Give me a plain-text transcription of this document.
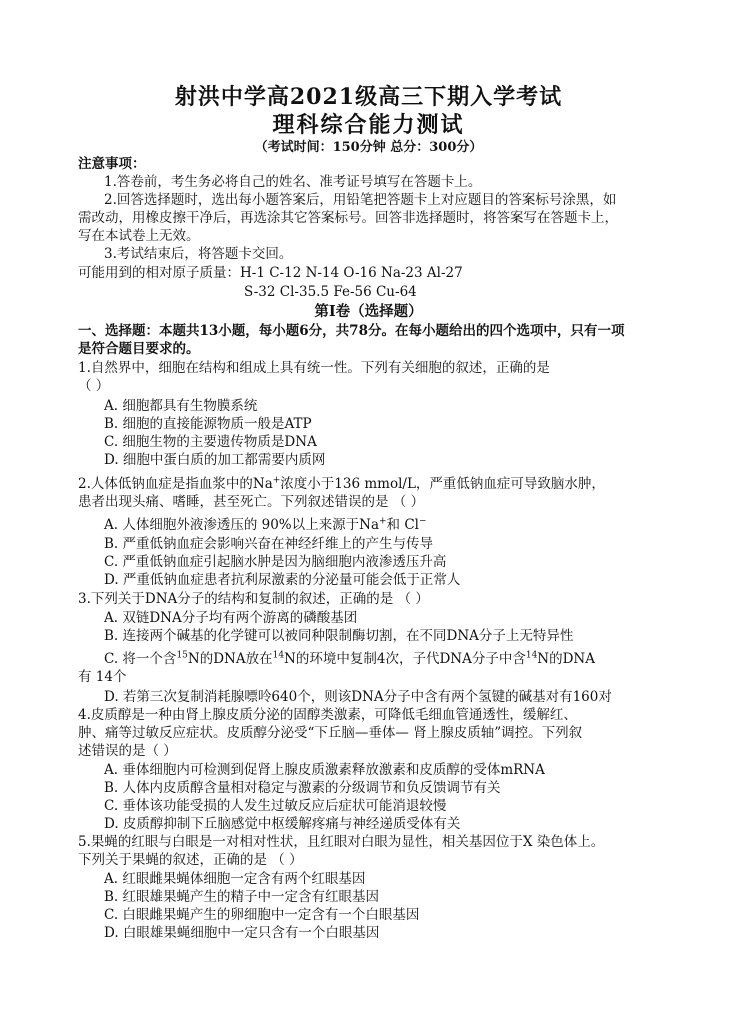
射洪中学高2021级高三下期入学考试
理科综合能力测试
（考试时间：150分钟 总分：300分）
注意事项：
1.答卷前，考生务必将自己的姓名、准考证号填写在答题卡上。
2.回答选择题时，选出每小题答案后，用铅笔把答题卡上对应题目的答案标号涂黑，如
需改动，用橡皮擦干净后，再选涂其它答案标号。回答非选择题时，将答案写在答题卡上，
写在本试卷上无效。
3.考试结束后，将答题卡交回。
可能用到的相对原子质量：H-1 C-12 N-14 O-16 Na-23 Al-27
S-32 Cl-35.5 Fe-56 Cu-64
第Ⅰ卷（选择题）
一、选择题：本题共13小题，每小题6分，共78分。在每小题给出的四个选项中，只有一项
是符合题目要求的。
1.自然界中，细胞在结构和组成上具有统一性。下列有关细胞的叙述，正确的是
（ ）
A. 细胞都具有生物膜系统
B. 细胞的直接能源物质一般是ATP
C. 细胞生物的主要遗传物质是DNA
D. 细胞中蛋白质的加工都需要内质网
2.人体低钠血症是指血浆中的Na+浓度小于136 mmol/L，严重低钠血症可导致脑水肿，
患者出现头痛、嗜睡，甚至死亡。下列叙述错误的是 （ ）
A. 人体细胞外液渗透压的 90%以上来源于Na+和 Cl−
B. 严重低钠血症会影响兴奋在神经纤维上的产生与传导
C. 严重低钠血症引起脑水肿是因为脑细胞内液渗透压升高
D. 严重低钠血症患者抗利尿激素的分泌量可能会低于正常人
3.下列关于DNA分子的结构和复制的叙述，正确的是 （ ）
A. 双链DNA分子均有两个游离的磷酸基团
B. 连接两个碱基的化学键可以被同种限制酶切割，在不同DNA分子上无特异性
C. 将一个含$^{15}$N的DNA放在$^{14}$N的环境中复制4次，子代DNA分子中含$^{14}$N的DNA
有 14个
D. 若第三次复制消耗腺嘌呤640个，则该DNA分子中含有两个氢键的碱基对有160对
4.皮质醇是一种由肾上腺皮质分泌的固醇类激素，可降低毛细血管通透性，缓解红、
肿、痛等过敏反应症状。皮质醇分泌受“下丘脑—垂体— 肾上腺皮质轴”调控。下列叙
述错误的是（ ）
A. 垂体细胞内可检测到促肾上腺皮质激素释放激素和皮质醇的受体mRNA
B. 人体内皮质醇含量相对稳定与激素的分级调节和负反馈调节有关
C. 垂体该功能受损的人发生过敏反应后症状可能消退较慢
D. 皮质醇抑制下丘脑感觉中枢缓解疼痛与神经递质受体有关
5.果蝇的红眼与白眼是一对相对性状，且红眼对白眼为显性，相关基因位于X 染色体上。
下列关于果蝇的叙述，正确的是 （ ）
A. 红眼雌果蝇体细胞一定含有两个红眼基因
B. 红眼雄果蝇产生的精子中一定含有红眼基因
C. 白眼雌果蝇产生的卵细胞中一定含有一个白眼基因
D. 白眼雄果蝇细胞中一定只含有一个白眼基因
